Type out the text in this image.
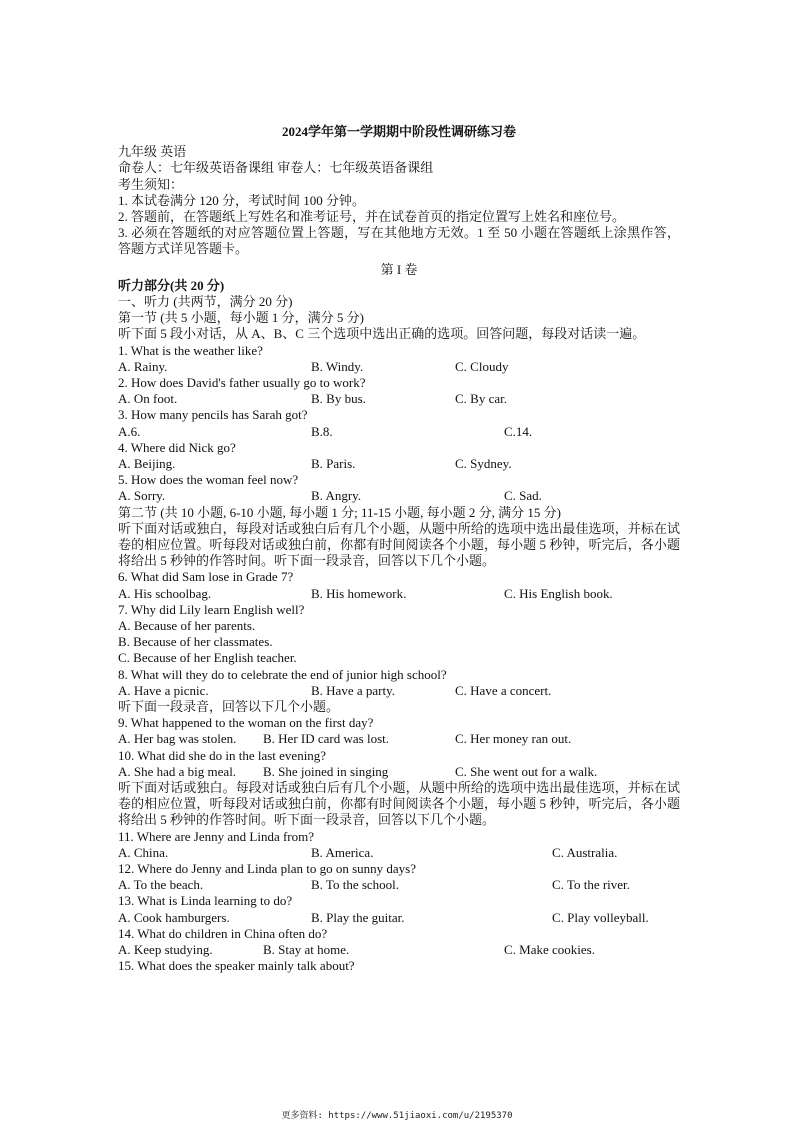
2024学年第一学期期中阶段性调研练习卷
九年级 英语
命卷人：七年级英语备课组 审卷人：七年级英语备课组
考生须知：
1. 本试卷满分 120 分，考试时间 100 分钟。
2. 答题前，在答题纸上写姓名和准考证号，并在试卷首页的指定位置写上姓名和座位号。
3. 必须在答题纸的对应答题位置上答题，写在其他地方无效。1 至 50 小题在答题纸上涂黑作答，答题方式详见答题卡。
第 I 卷
听力部分(共 20 分)
一、听力 (共两节，满分 20 分)
第一节 (共 5 小题，每小题 1 分，满分 5 分)
听下面 5 段小对话，从 A、B、C 三个选项中选出正确的选项。回答问题，每段对话读一遍。
1. What is the weather like?
A. Rainy.	B. Windy.	C. Cloudy
2. How does David's father usually go to work?
A. On foot.	B. By bus.	C. By car.
3. How many pencils has Sarah got?
A.6.	B.8.	C.14.
4. Where did Nick go?
A. Beijing.	B. Paris.	C. Sydney.
5. How does the woman feel now?
A. Sorry.	B. Angry.	C. Sad.
第二节 (共 10 小题, 6-10 小题, 每小题 1 分; 11-15 小题, 每小题 2 分, 满分 15 分)
听下面对话或独白，每段对话或独白后有几个小题，从题中所给的选项中选出最佳选项，并标在试卷的相应位置。听每段对话或独白前，你都有时间阅读各个小题，每小题 5 秒钟，听完后，各小题将给出 5 秒钟的作答时间。听下面一段录音，回答以下几个小题。
6. What did Sam lose in Grade 7?
A. His schoolbag.	B. His homework.	C. His English book.
7. Why did Lily learn English well?
A. Because of her parents.
B. Because of her classmates.
C. Because of her English teacher.
8. What will they do to celebrate the end of junior high school?
A. Have a picnic.	B. Have a party.	C. Have a concert.
听下面一段录音，回答以下几个小题。
9. What happened to the woman on the first day?
A. Her bag was stolen. B. Her ID card was lost.	C. Her money ran out.
10. What did she do in the last evening?
A. She had a big meal. B. She joined in singing	C. She went out for a walk.
听下面对话或独白。每段对话或独白后有几个小题，从题中所给的选项中选出最佳选项，并标在试卷的相应位置，听每段对话或独白前，你都有时间阅读各个小题，每小题 5 秒钟，听完后，各小题将给出 5 秒钟的作答时间。听下面一段录音，回答以下几个小题。
11. Where are Jenny and Linda from?
A. China.	B. America.	C. Australia.
12. Where do Jenny and Linda plan to go on sunny days?
A. To the beach.	B. To the school.	C. To the river.
13. What is Linda learning to do?
A. Cook hamburgers.	B. Play the guitar.	C. Play volleyball.
14. What do children in China often do?
A. Keep studying.	B. Stay at home.	C. Make cookies.
15. What does the speaker mainly talk about?
更多资料: https://www.51jiaoxi.com/u/2195370
